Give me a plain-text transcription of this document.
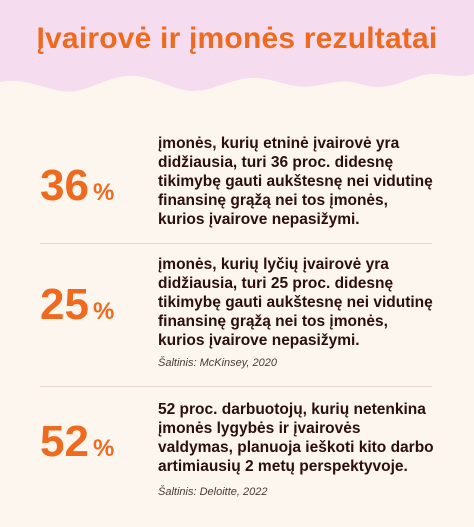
Įvairovė ir įmonės rezultatai
36 %
įmonės, kurių etninė įvairovė yra didžiausia, turi 36 proc. didesnę tikimybę gauti aukštesnę nei vidutinę finansinę grąžą nei tos įmonės, kurios įvairove nepasižymi.
25 %
įmonės, kurių lyčių įvairovė yra didžiausia, turi 25 proc. didesnę tikimybę gauti aukštesnę nei vidutinę finansinę grąžą nei tos įmonės, kurios įvairove nepasižymi.
Šaltinis: McKinsey, 2020
52 %
52 proc. darbuotojų, kurių netenkina įmonės lygybės ir įvairovės valdymas, planuoja ieškoti kito darbo artimiausių 2 metų perspektyvoje.
Šaltinis: Deloitte, 2022
